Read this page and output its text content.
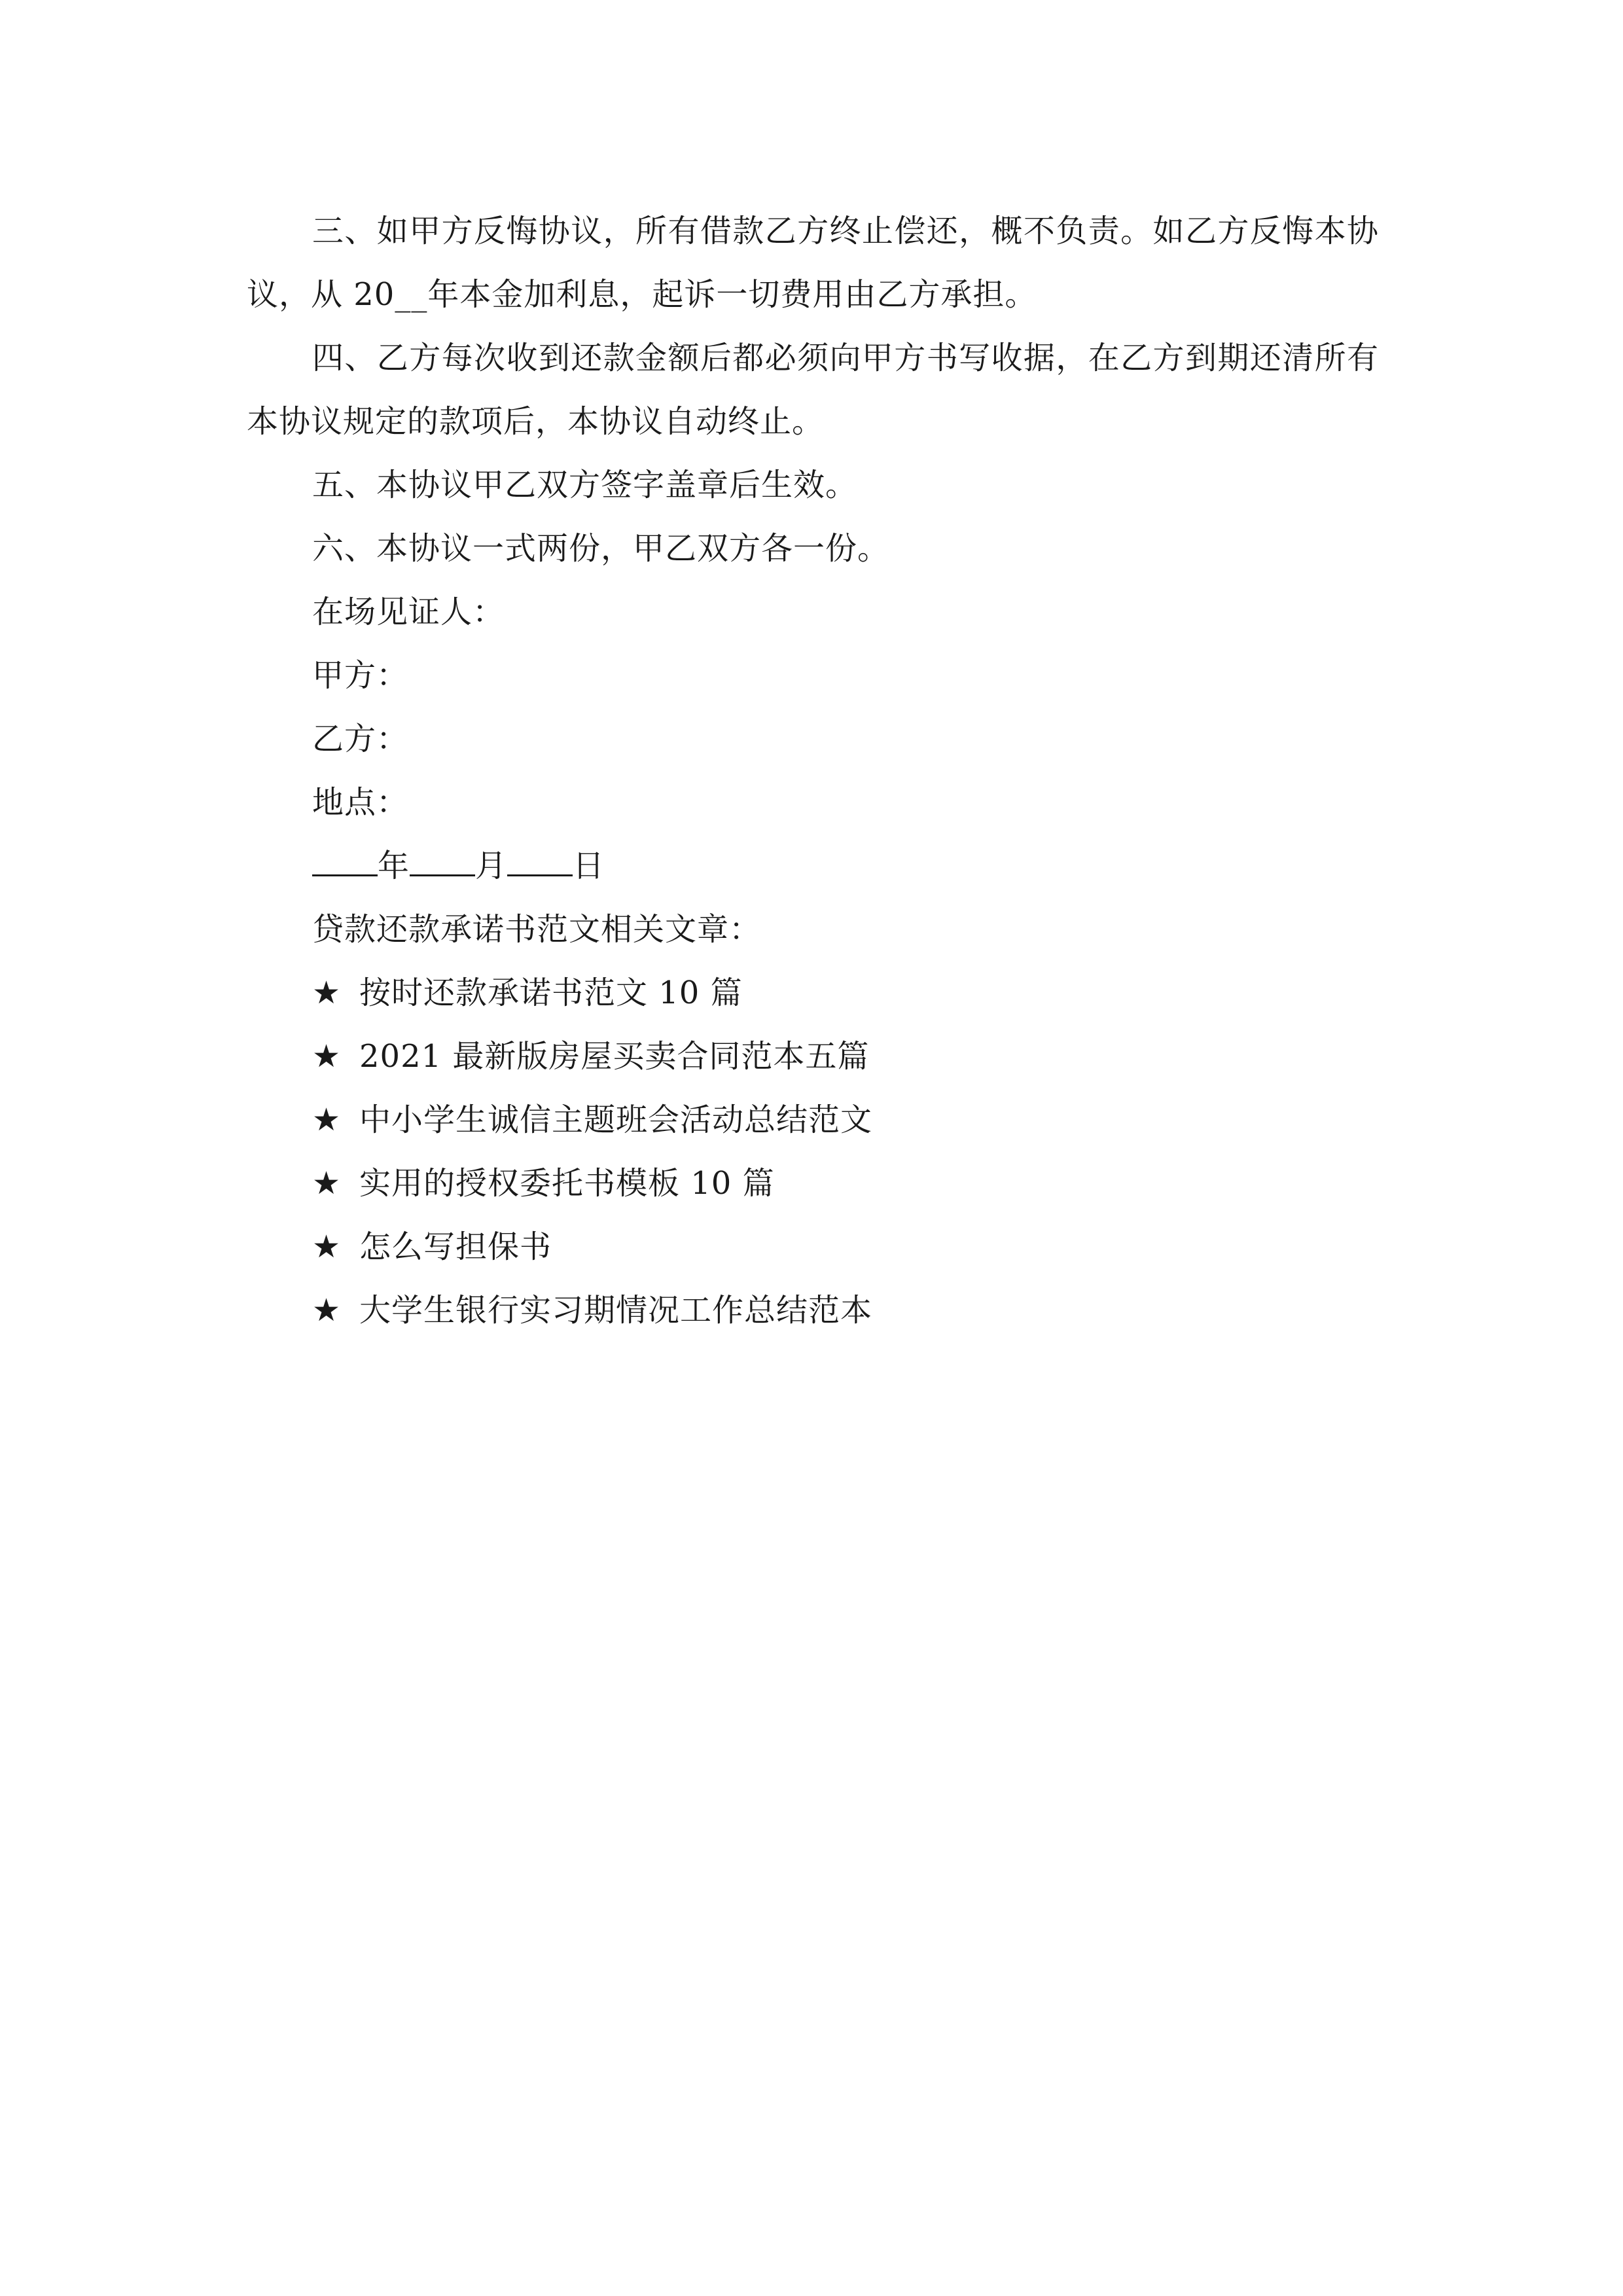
三、如甲方反悔协议，所有借款乙方终止偿还，概不负责。如乙方反悔本协议，从 20__年本金加利息，起诉一切费用由乙方承担。

四、乙方每次收到还款金额后都必须向甲方书写收据，在乙方到期还清所有本协议规定的款项后，本协议自动终止。

五、本协议甲乙双方签字盖章后生效。

六、本协议一式两份，甲乙双方各一份。

在场见证人：

甲方：

乙方：

地点：

年 月 日

贷款还款承诺书范文相关文章：

★ 按时还款承诺书范文 10 篇

★ 2021 最新版房屋买卖合同范本五篇

★ 中小学生诚信主题班会活动总结范文

★ 实用的授权委托书模板 10 篇

★ 怎么写担保书

★ 大学生银行实习期情况工作总结范本
